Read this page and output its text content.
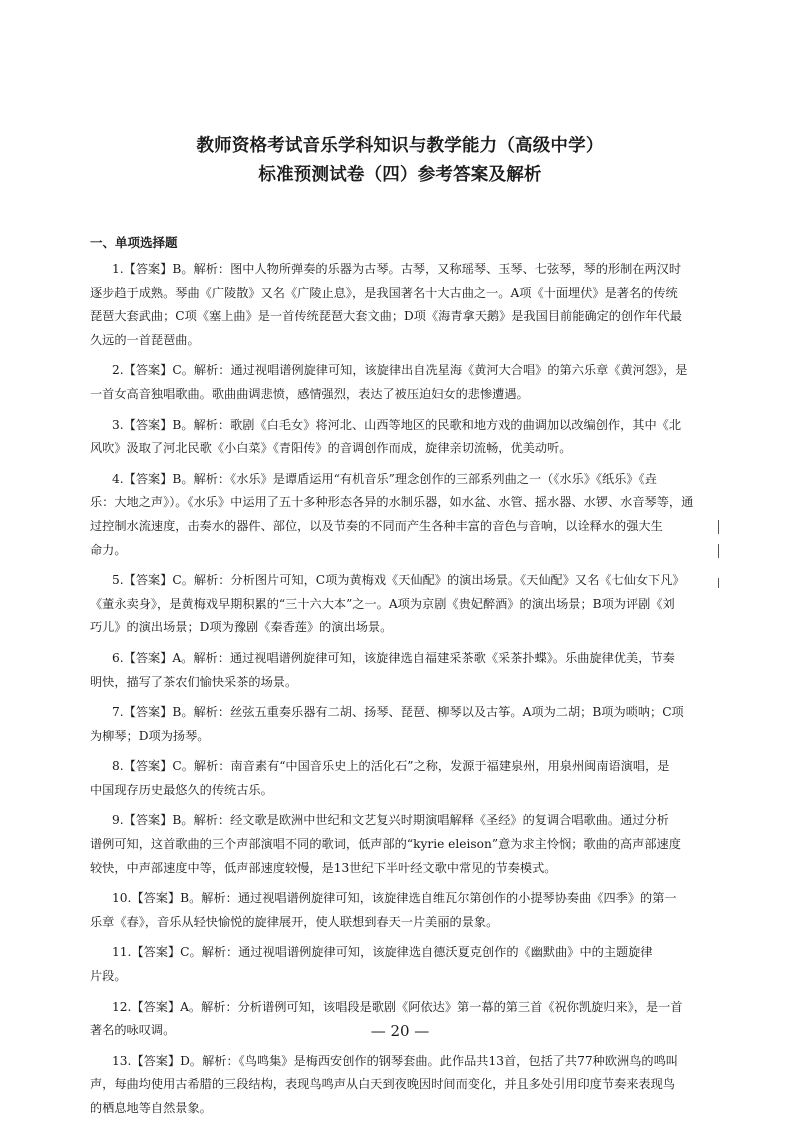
教师资格考试音乐学科知识与教学能力（高级中学）
标准预测试卷（四）参考答案及解析
一、单项选择题
1.【答案】B。解析：图中人物所弹奏的乐器为古琴。古琴，又称瑶琴、玉琴、七弦琴，琴的形制在两汉时
逐步趋于成熟。琴曲《广陵散》又名《广陵止息》，是我国著名十大古曲之一。A项《十面埋伏》是著名的传统
琵琶大套武曲；C项《塞上曲》是一首传统琵琶大套文曲；D项《海青拿天鹅》是我国目前能确定的创作年代最
久远的一首琵琶曲。
2.【答案】C。解析：通过视唱谱例旋律可知，该旋律出自冼星海《黄河大合唱》的第六乐章《黄河怨》，是
一首女高音独唱歌曲。歌曲曲调悲愤，感情强烈，表达了被压迫妇女的悲惨遭遇。
3.【答案】B。解析：歌剧《白毛女》将河北、山西等地区的民歌和地方戏的曲调加以改编创作，其中《北
风吹》汲取了河北民歌《小白菜》《青阳传》的音调创作而成，旋律亲切流畅，优美动听。
4.【答案】B。解析：《水乐》是谭盾运用“有机音乐”理念创作的三部系列曲之一（《水乐》《纸乐》《垚
乐：大地之声》）。《水乐》中运用了五十多种形态各异的水制乐器，如水盆、水管、摇水器、水锣、水音琴等，通
过控制水流速度，击奏水的器件、部位，以及节奏的不同而产生各种丰富的音色与音响，以诠释水的强大生
命力。
5.【答案】C。解析：分析图片可知，C项为黄梅戏《天仙配》的演出场景。《天仙配》又名《七仙女下凡》
《董永卖身》，是黄梅戏早期积累的“三十六大本”之一。A项为京剧《贵妃醉酒》的演出场景；B项为评剧《刘
巧儿》的演出场景；D项为豫剧《秦香莲》的演出场景。
6.【答案】A。解析：通过视唱谱例旋律可知，该旋律选自福建采茶歌《采茶扑蝶》。乐曲旋律优美，节奏
明快，描写了茶农们愉快采茶的场景。
7.【答案】B。解析：丝弦五重奏乐器有二胡、扬琴、琵琶、柳琴以及古筝。A项为二胡；B项为唢呐；C项
为柳琴；D项为扬琴。
8.【答案】C。解析：南音素有“中国音乐史上的活化石”之称，发源于福建泉州，用泉州闽南语演唱，是
中国现存历史最悠久的传统古乐。
9.【答案】B。解析：经文歌是欧洲中世纪和文艺复兴时期演唱解释《圣经》的复调合唱歌曲。通过分析
谱例可知，这首歌曲的三个声部演唱不同的歌词，低声部的“kyrie eleison”意为求主怜悯；歌曲的高声部速度
较快，中声部速度中等，低声部速度较慢，是13世纪下半叶经文歌中常见的节奏模式。
10.【答案】B。解析：通过视唱谱例旋律可知，该旋律选自维瓦尔第创作的小提琴协奏曲《四季》的第一
乐章《春》，音乐从轻快愉悦的旋律展开，使人联想到春天一片美丽的景象。
11.【答案】C。解析：通过视唱谱例旋律可知，该旋律选自德沃夏克创作的《幽默曲》中的主题旋律
片段。
12.【答案】A。解析：分析谱例可知，该唱段是歌剧《阿依达》第一幕的第三首《祝你凯旋归来》，是一首
著名的咏叹调。
13.【答案】D。解析：《鸟鸣集》是梅西安创作的钢琴套曲。此作品共13首，包括了共77种欧洲鸟的鸣叫
声，每曲均使用古希腊的三段结构，表现鸟鸣声从白天到夜晚因时间而变化，并且多处引用印度节奏来表现鸟
的栖息地等自然景象。
— 20 —
